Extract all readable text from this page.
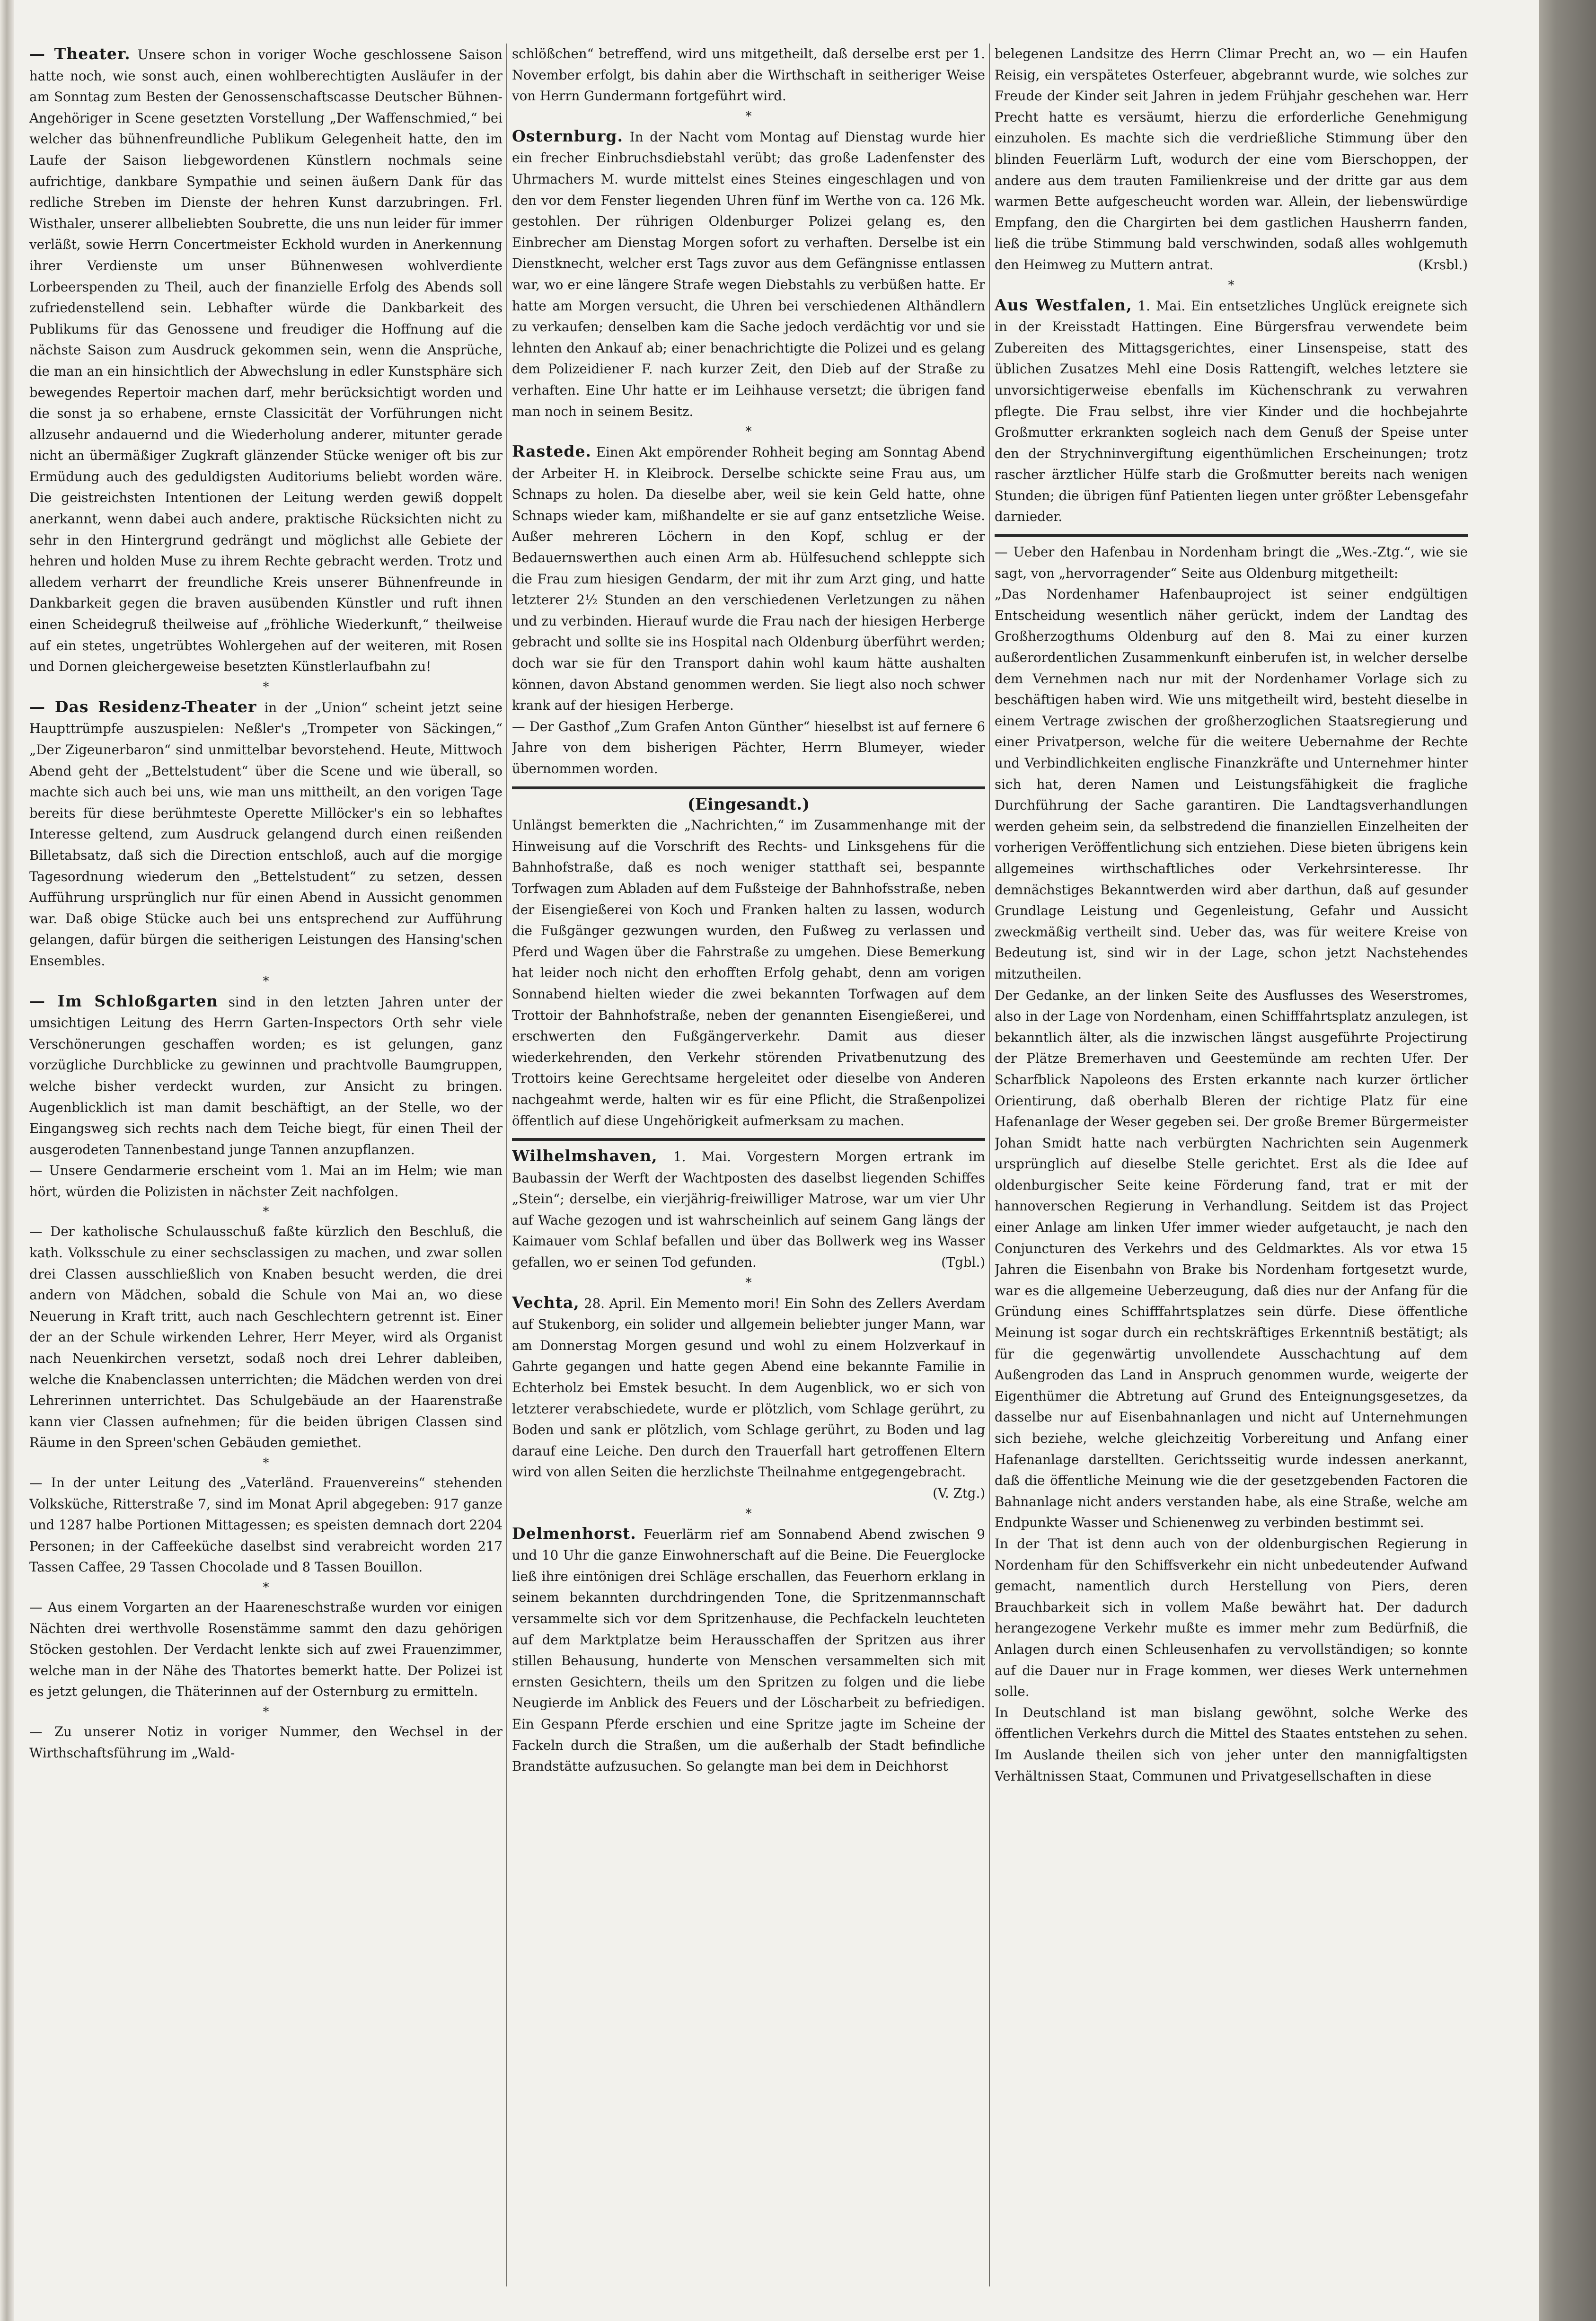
— Theater. Unsere schon in voriger Woche geschlossene Saison hatte noch, wie sonst auch, einen wohlberechtigten Ausläufer in der am Sonntag zum Besten der Genossenschaftscasse Deutscher Bühnen-Angehöriger in Scene gesetzten Vorstellung „Der Waffenschmied,“ bei welcher das bühnenfreundliche Publikum Gelegenheit hatte, den im Laufe der Saison liebgewordenen Künstlern nochmals seine aufrichtige, dankbare Sympathie und seinen äußern Dank für das redliche Streben im Dienste der hehren Kunst darzubringen. Frl. Wisthaler, unserer allbeliebten Soubrette, die uns nun leider für immer verläßt, sowie Herrn Concertmeister Eckhold wurden in Anerkennung ihrer Verdienste um unser Bühnenwesen wohlverdiente Lorbeerspenden zu Theil, auch der finanzielle Erfolg des Abends soll zufriedenstellend sein. Lebhafter würde die Dankbarkeit des Publikums für das Genossene und freudiger die Hoffnung auf die nächste Saison zum Ausdruck gekommen sein, wenn die Ansprüche, die man an ein hinsichtlich der Abwechslung in edler Kunstsphäre sich bewegendes Repertoir machen darf, mehr berücksichtigt worden und die sonst ja so erhabene, ernste Classicität der Vorführungen nicht allzusehr andauernd und die Wiederholung anderer, mitunter gerade nicht an übermäßiger Zugkraft glänzender Stücke weniger oft bis zur Ermüdung auch des geduldigsten Auditoriums beliebt worden wäre. Die geistreichsten Intentionen der Leitung werden gewiß doppelt anerkannt, wenn dabei auch andere, praktische Rücksichten nicht zu sehr in den Hintergrund gedrängt und möglichst alle Gebiete der hehren und holden Muse zu ihrem Rechte gebracht werden. Trotz und alledem verharrt der freundliche Kreis unserer Bühnenfreunde in Dankbarkeit gegen die braven ausübenden Künstler und ruft ihnen einen Scheidegruß theilweise auf „fröhliche Wiederkunft,“ theilweise auf ein stetes, ungetrübtes Wohlergehen auf der weiteren, mit Rosen und Dornen gleichergeweise besetzten Künstlerlaufbahn zu!

*

— Das Residenz-Theater in der „Union“ scheint jetzt seine Haupttrümpfe auszuspielen: Neßler's „Trompeter von Säckingen,“ „Der Zigeunerbaron“ sind unmittelbar bevorstehend. Heute, Mittwoch Abend geht der „Bettelstudent“ über die Scene und wie überall, so machte sich auch bei uns, wie man uns mittheilt, an den vorigen Tage bereits für diese berühmteste Operette Millöcker's ein so lebhaftes Interesse geltend, zum Ausdruck gelangend durch einen reißenden Billetabsatz, daß sich die Direction entschloß, auch auf die morgige Tagesordnung wiederum den „Bettelstudent“ zu setzen, dessen Aufführung ursprünglich nur für einen Abend in Aussicht genommen war. Daß obige Stücke auch bei uns entsprechend zur Aufführung gelangen, dafür bürgen die seitherigen Leistungen des Hansing'schen Ensembles.

*

— Im Schloßgarten sind in den letzten Jahren unter der umsichtigen Leitung des Herrn Garten-Inspectors Orth sehr viele Verschönerungen geschaffen worden; es ist gelungen, ganz vorzügliche Durchblicke zu gewinnen und prachtvolle Baumgruppen, welche bisher verdeckt wurden, zur Ansicht zu bringen. Augenblicklich ist man damit beschäftigt, an der Stelle, wo der Eingangsweg sich rechts nach dem Teiche biegt, für einen Theil der ausgerodeten Tannenbestand junge Tannen anzupflanzen.

— Unsere Gendarmerie erscheint vom 1. Mai an im Helm; wie man hört, würden die Polizisten in nächster Zeit nachfolgen.

*

— Der katholische Schulausschuß faßte kürzlich den Beschluß, die kath. Volksschule zu einer sechsclassigen zu machen, und zwar sollen drei Classen ausschließlich von Knaben besucht werden, die drei andern von Mädchen, sobald die Schule von Mai an, wo diese Neuerung in Kraft tritt, auch nach Geschlechtern getrennt ist. Einer der an der Schule wirkenden Lehrer, Herr Meyer, wird als Organist nach Neuenkirchen versetzt, sodaß noch drei Lehrer dableiben, welche die Knabenclassen unterrichten; die Mädchen werden von drei Lehrerinnen unterrichtet. Das Schulgebäude an der Haarenstraße kann vier Classen aufnehmen; für die beiden übrigen Classen sind Räume in den Spreen'schen Gebäuden gemiethet.

*

— In der unter Leitung des „Vaterländ. Frauenvereins“ stehenden Volksküche, Ritterstraße 7, sind im Monat April abgegeben: 917 ganze und 1287 halbe Portionen Mittagessen; es speisten demnach dort 2204 Personen; in der Caffeeküche daselbst sind verabreicht worden 217 Tassen Caffee, 29 Tassen Chocolade und 8 Tassen Bouillon.

*

— Aus einem Vorgarten an der Haareneschstraße wurden vor einigen Nächten drei werthvolle Rosenstämme sammt den dazu gehörigen Stöcken gestohlen. Der Verdacht lenkte sich auf zwei Frauenzimmer, welche man in der Nähe des Thatortes bemerkt hatte. Der Polizei ist es jetzt gelungen, die Thäterinnen auf der Osternburg zu ermitteln.

*

— Zu unserer Notiz in voriger Nummer, den Wechsel in der Wirthschaftsführung im „Wald-

schlößchen“ betreffend, wird uns mitgetheilt, daß derselbe erst per 1. November erfolgt, bis dahin aber die Wirthschaft in seitheriger Weise von Herrn Gundermann fortgeführt wird.

*

Osternburg. In der Nacht vom Montag auf Dienstag wurde hier ein frecher Einbruchsdiebstahl verübt; das große Ladenfenster des Uhrmachers M. wurde mittelst eines Steines eingeschlagen und von den vor dem Fenster liegenden Uhren fünf im Werthe von ca. 126 Mk. gestohlen. Der rührigen Oldenburger Polizei gelang es, den Einbrecher am Dienstag Morgen sofort zu verhaften. Derselbe ist ein Dienstknecht, welcher erst Tags zuvor aus dem Gefängnisse entlassen war, wo er eine längere Strafe wegen Diebstahls zu verbüßen hatte. Er hatte am Morgen versucht, die Uhren bei verschiedenen Althändlern zu verkaufen; denselben kam die Sache jedoch verdächtig vor und sie lehnten den Ankauf ab; einer benachrichtigte die Polizei und es gelang dem Polizeidiener F. nach kurzer Zeit, den Dieb auf der Straße zu verhaften. Eine Uhr hatte er im Leihhause versetzt; die übrigen fand man noch in seinem Besitz.

*

Rastede. Einen Akt empörender Rohheit beging am Sonntag Abend der Arbeiter H. in Kleibrock. Derselbe schickte seine Frau aus, um Schnaps zu holen. Da dieselbe aber, weil sie kein Geld hatte, ohne Schnaps wieder kam, mißhandelte er sie auf ganz entsetzliche Weise. Außer mehreren Löchern in den Kopf, schlug er der Bedauernswerthen auch einen Arm ab. Hülfesuchend schleppte sich die Frau zum hiesigen Gendarm, der mit ihr zum Arzt ging, und hatte letzterer 2½ Stunden an den verschiedenen Verletzungen zu nähen und zu verbinden. Hierauf wurde die Frau nach der hiesigen Herberge gebracht und sollte sie ins Hospital nach Oldenburg überführt werden; doch war sie für den Transport dahin wohl kaum hätte aushalten können, davon Abstand genommen werden. Sie liegt also noch schwer krank auf der hiesigen Herberge.

— Der Gasthof „Zum Grafen Anton Günther“ hieselbst ist auf fernere 6 Jahre von dem bisherigen Pächter, Herrn Blumeyer, wieder übernommen worden.

(Eingesandt.)

Unlängst bemerkten die „Nachrichten,“ im Zusammenhange mit der Hinweisung auf die Vorschrift des Rechts- und Linksgehens für die Bahnhofstraße, daß es noch weniger statthaft sei, bespannte Torfwagen zum Abladen auf dem Fußsteige der Bahnhofsstraße, neben der Eisengießerei von Koch und Franken halten zu lassen, wodurch die Fußgänger gezwungen wurden, den Fußweg zu verlassen und Pferd und Wagen über die Fahrstraße zu umgehen. Diese Bemerkung hat leider noch nicht den erhofften Erfolg gehabt, denn am vorigen Sonnabend hielten wieder die zwei bekannten Torfwagen auf dem Trottoir der Bahnhofstraße, neben der genannten Eisengießerei, und erschwerten den Fußgängerverkehr. Damit aus dieser wiederkehrenden, den Verkehr störenden Privatbenutzung des Trottoirs keine Gerechtsame hergeleitet oder dieselbe von Anderen nachgeahmt werde, halten wir es für eine Pflicht, die Straßenpolizei öffentlich auf diese Ungehörigkeit aufmerksam zu machen.

Wilhelmshaven, 1. Mai. Vorgestern Morgen ertrank im Baubassin der Werft der Wachtposten des daselbst liegenden Schiffes „Stein“; derselbe, ein vierjährig-freiwilliger Matrose, war um vier Uhr auf Wache gezogen und ist wahrscheinlich auf seinem Gang längs der Kaimauer vom Schlaf befallen und über das Bollwerk weg ins Wasser gefallen, wo er seinen Tod gefunden.	(Tgbl.)

*

Vechta, 28. April. Ein Memento mori! Ein Sohn des Zellers Averdam auf Stukenborg, ein solider und allgemein beliebter junger Mann, war am Donnerstag Morgen gesund und wohl zu einem Holzverkauf in Gahrte gegangen und hatte gegen Abend eine bekannte Familie in Echterholz bei Emstek besucht. In dem Augenblick, wo er sich von letzterer verabschiedete, wurde er plötzlich, vom Schlage gerührt, zu Boden und sank er plötzlich, vom Schlage gerührt, zu Boden und lag darauf eine Leiche. Den durch den Trauerfall hart getroffenen Eltern wird von allen Seiten die herzlichste Theilnahme entgegengebracht.
(V. Ztg.)

*

Delmenhorst. Feuerlärm rief am Sonnabend Abend zwischen 9 und 10 Uhr die ganze Einwohnerschaft auf die Beine. Die Feuerglocke ließ ihre eintönigen drei Schläge erschallen, das Feuerhorn erklang in seinem bekannten durchdringenden Tone, die Spritzenmannschaft versammelte sich vor dem Spritzenhause, die Pechfackeln leuchteten auf dem Marktplatze beim Herausschaffen der Spritzen aus ihrer stillen Behausung, hunderte von Menschen versammelten sich mit ernsten Gesichtern, theils um den Spritzen zu folgen und die liebe Neugierde im Anblick des Feuers und der Löscharbeit zu befriedigen. Ein Gespann Pferde erschien und eine Spritze jagte im Scheine der Fackeln durch die Straßen, um die außerhalb der Stadt befindliche Brandstätte aufzusuchen. So gelangte man bei dem in Deichhorst

belegenen Landsitze des Herrn Climar Precht an, wo — ein Haufen Reisig, ein verspätetes Osterfeuer, abgebrannt wurde, wie solches zur Freude der Kinder seit Jahren in jedem Frühjahr geschehen war. Herr Precht hatte es versäumt, hierzu die erforderliche Genehmigung einzuholen. Es machte sich die verdrießliche Stimmung über den blinden Feuerlärm Luft, wodurch der eine vom Bierschoppen, der andere aus dem trauten Familienkreise und der dritte gar aus dem warmen Bette aufgescheucht worden war. Allein, der liebenswürdige Empfang, den die Chargirten bei dem gastlichen Hausherrn fanden, ließ die trübe Stimmung bald verschwinden, sodaß alles wohlgemuth den Heimweg zu Muttern antrat.	(Krsbl.)

*

Aus Westfalen, 1. Mai. Ein entsetzliches Unglück ereignete sich in der Kreisstadt Hattingen. Eine Bürgersfrau verwendete beim Zubereiten des Mittagsgerichtes, einer Linsenspeise, statt des üblichen Zusatzes Mehl eine Dosis Rattengift, welches letztere sie unvorsichtigerweise ebenfalls im Küchenschrank zu verwahren pflegte. Die Frau selbst, ihre vier Kinder und die hochbejahrte Großmutter erkrankten sogleich nach dem Genuß der Speise unter den der Strychninvergiftung eigenthümlichen Erscheinungen; trotz rascher ärztlicher Hülfe starb die Großmutter bereits nach wenigen Stunden; die übrigen fünf Patienten liegen unter größter Lebensgefahr darnieder.

— Ueber den Hafenbau in Nordenham bringt die „Wes.-Ztg.“, wie sie sagt, von „hervorragender“ Seite aus Oldenburg mitgetheilt:

„Das Nordenhamer Hafenbauproject ist seiner endgültigen Entscheidung wesentlich näher gerückt, indem der Landtag des Großherzogthums Oldenburg auf den 8. Mai zu einer kurzen außerordentlichen Zusammenkunft einberufen ist, in welcher derselbe dem Vernehmen nach nur mit der Nordenhamer Vorlage sich zu beschäftigen haben wird. Wie uns mitgetheilt wird, besteht dieselbe in einem Vertrage zwischen der großherzoglichen Staatsregierung und einer Privatperson, welche für die weitere Uebernahme der Rechte und Verbindlichkeiten englische Finanzkräfte und Unternehmer hinter sich hat, deren Namen und Leistungsfähigkeit die fragliche Durchführung der Sache garantiren. Die Landtagsverhandlungen werden geheim sein, da selbstredend die finanziellen Einzelheiten der vorherigen Veröffentlichung sich entziehen. Diese bieten übrigens kein allgemeines wirthschaftliches oder Verkehrsinteresse. Ihr demnächstiges Bekanntwerden wird aber darthun, daß auf gesunder Grundlage Leistung und Gegenleistung, Gefahr und Aussicht zweckmäßig vertheilt sind. Ueber das, was für weitere Kreise von Bedeutung ist, sind wir in der Lage, schon jetzt Nachstehendes mitzutheilen.

Der Gedanke, an der linken Seite des Ausflusses des Weserstromes, also in der Lage von Nordenham, einen Schifffahrtsplatz anzulegen, ist bekanntlich älter, als die inzwischen längst ausgeführte Projectirung der Plätze Bremerhaven und Geestemünde am rechten Ufer. Der Scharfblick Napoleons des Ersten erkannte nach kurzer örtlicher Orientirung, daß oberhalb Bleren der richtige Platz für eine Hafenanlage der Weser gegeben sei. Der große Bremer Bürgermeister Johan Smidt hatte nach verbürgten Nachrichten sein Augenmerk ursprünglich auf dieselbe Stelle gerichtet. Erst als die Idee auf oldenburgischer Seite keine Förderung fand, trat er mit der hannoverschen Regierung in Verhandlung. Seitdem ist das Project einer Anlage am linken Ufer immer wieder aufgetaucht, je nach den Conjuncturen des Verkehrs und des Geldmarktes. Als vor etwa 15 Jahren die Eisenbahn von Brake bis Nordenham fortgesetzt wurde, war es die allgemeine Ueberzeugung, daß dies nur der Anfang für die Gründung eines Schifffahrtsplatzes sein dürfe. Diese öffentliche Meinung ist sogar durch ein rechtskräftiges Erkenntniß bestätigt; als für die gegenwärtig unvollendete Ausschachtung auf dem Außengroden das Land in Anspruch genommen wurde, weigerte der Eigenthümer die Abtretung auf Grund des Enteignungsgesetzes, da dasselbe nur auf Eisenbahnanlagen und nicht auf Unternehmungen sich beziehe, welche gleichzeitig Vorbereitung und Anfang einer Hafenanlage darstellten. Gerichtsseitig wurde indessen anerkannt, daß die öffentliche Meinung wie die der gesetzgebenden Factoren die Bahnanlage nicht anders verstanden habe, als eine Straße, welche am Endpunkte Wasser und Schienenweg zu verbinden bestimmt sei.

In der That ist denn auch von der oldenburgischen Regierung in Nordenham für den Schiffsverkehr ein nicht unbedeutender Aufwand gemacht, namentlich durch Herstellung von Piers, deren Brauchbarkeit sich in vollem Maße bewährt hat. Der dadurch herangezogene Verkehr mußte es immer mehr zum Bedürfniß, die Anlagen durch einen Schleusenhafen zu vervollständigen; so konnte auf die Dauer nur in Frage kommen, wer dieses Werk unternehmen solle.

In Deutschland ist man bislang gewöhnt, solche Werke des öffentlichen Verkehrs durch die Mittel des Staates entstehen zu sehen. Im Auslande theilen sich von jeher unter den mannigfaltigsten Verhältnissen Staat, Communen und Privatgesellschaften in diese
